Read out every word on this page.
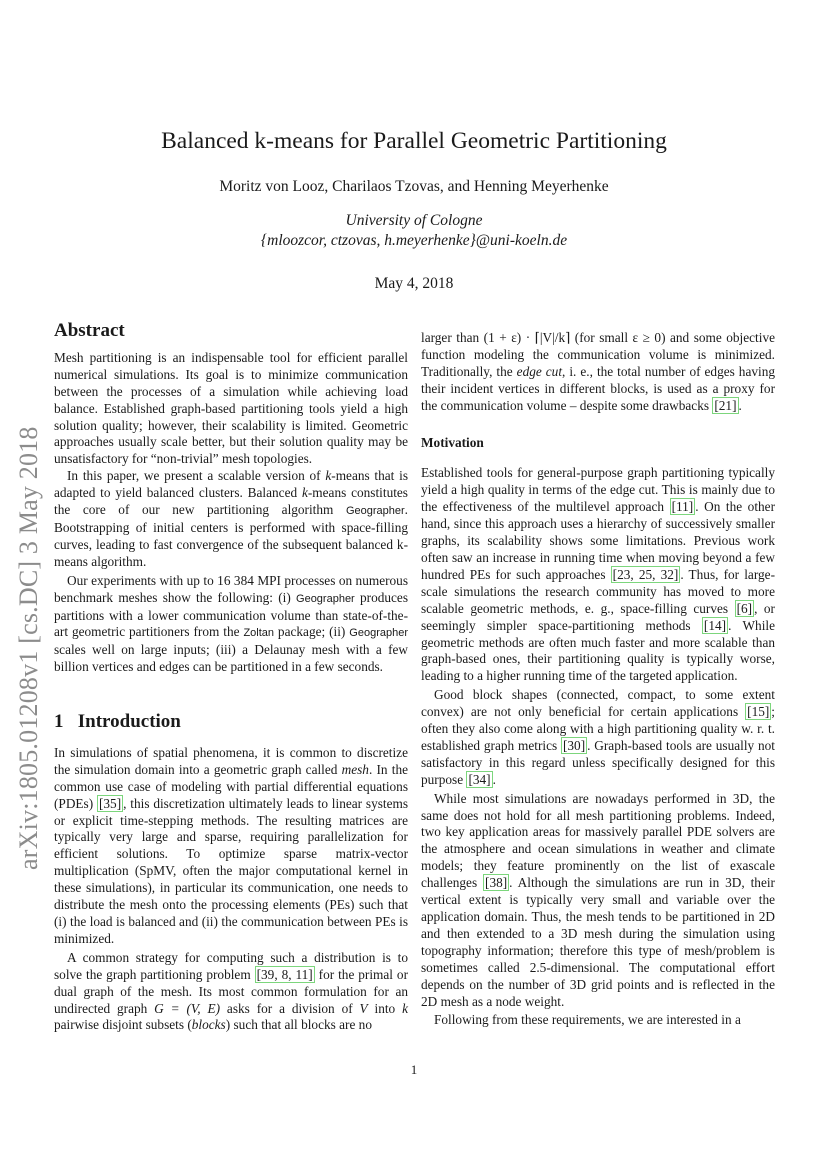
Balanced k-means for Parallel Geometric Partitioning
Moritz von Looz, Charilaos Tzovas, and Henning Meyerhenke
University of Cologne
{mloozcor, ctzovas, h.meyerhenke}@uni-koeln.de
May 4, 2018
arXiv:1805.01208v1 [cs.DC] 3 May 2018
Abstract

Mesh partitioning is an indispensable tool for efficient parallel numerical simulations. Its goal is to minimize communication between the processes of a simulation while achieving load balance. Established graph-based partitioning tools yield a high solution quality; however, their scalability is limited. Geometric approaches usually scale better, but their solution quality may be unsatisfactory for “non-trivial” mesh topologies.

In this paper, we present a scalable version of k-means that is adapted to yield balanced clusters. Balanced k-means constitutes the core of our new partitioning algorithm Geographer. Bootstrapping of initial centers is performed with space-filling curves, leading to fast convergence of the subsequent balanced k-means algorithm.

Our experiments with up to 16 384 MPI processes on numerous benchmark meshes show the following: (i) Geographer produces partitions with a lower communication volume than state-of-the-art geometric partitioners from the Zoltan package; (ii) Geographer scales well on large inputs; (iii) a Delaunay mesh with a few billion vertices and edges can be partitioned in a few seconds.

1 Introduction

In simulations of spatial phenomena, it is common to discretize the simulation domain into a geometric graph called mesh. In the common use case of modeling with partial differential equations (PDEs) [35] , this discretization ultimately leads to linear systems or explicit time-stepping methods. The resulting matrices are typically very large and sparse, requiring parallelization for efficient solutions. To optimize sparse matrix-vector multiplication (SpMV, often the major computational kernel in these simulations), in particular its communication, one needs to distribute the mesh onto the processing elements (PEs) such that (i) the load is balanced and (ii) the communication between PEs is minimized.

A common strategy for computing such a distribution is to solve the graph partitioning problem [39, 8, 11] for the primal or dual graph of the mesh. Its most common formulation for an undirected graph G = (V, E) asks for a division of V into k pairwise disjoint subsets (blocks) such that all blocks are no

larger than (1 + ε) · ⌈|V|/k⌉ (for small ε ≥ 0) and some objective function modeling the communication volume is minimized. Traditionally, the edge cut, i. e., the total number of edges having their incident vertices in different blocks, is used as a proxy for the communication volume – despite some drawbacks [21] .

Motivation

Established tools for general-purpose graph partitioning typically yield a high quality in terms of the edge cut. This is mainly due to the effectiveness of the multilevel approach [11] . On the other hand, since this approach uses a hierarchy of successively smaller graphs, its scalability shows some limitations. Previous work often saw an increase in running time when moving beyond a few hundred PEs for such approaches [23, 25, 32] . Thus, for large-scale simulations the research community has moved to more scalable geometric methods, e. g., space-filling curves [6] , or seemingly simpler space-partitioning methods [14] . While geometric methods are often much faster and more scalable than graph-based ones, their partitioning quality is typically worse, leading to a higher running time of the targeted application.

Good block shapes (connected, compact, to some extent convex) are not only beneficial for certain applications [15] ; often they also come along with a high partitioning quality w. r. t. established graph metrics [30] . Graph-based tools are usually not satisfactory in this regard unless specifically designed for this purpose [34] .

While most simulations are nowadays performed in 3D, the same does not hold for all mesh partitioning problems. Indeed, two key application areas for massively parallel PDE solvers are the atmosphere and ocean simulations in weather and climate models; they feature prominently on the list of exascale challenges [38] . Although the simulations are run in 3D, their vertical extent is typically very small and variable over the application domain. Thus, the mesh tends to be partitioned in 2D and then extended to a 3D mesh during the simulation using topography information; therefore this type of mesh/problem is sometimes called 2.5-dimensional. The computational effort depends on the number of 3D grid points and is reflected in the 2D mesh as a node weight.

Following from these requirements, we are interested in a

1
